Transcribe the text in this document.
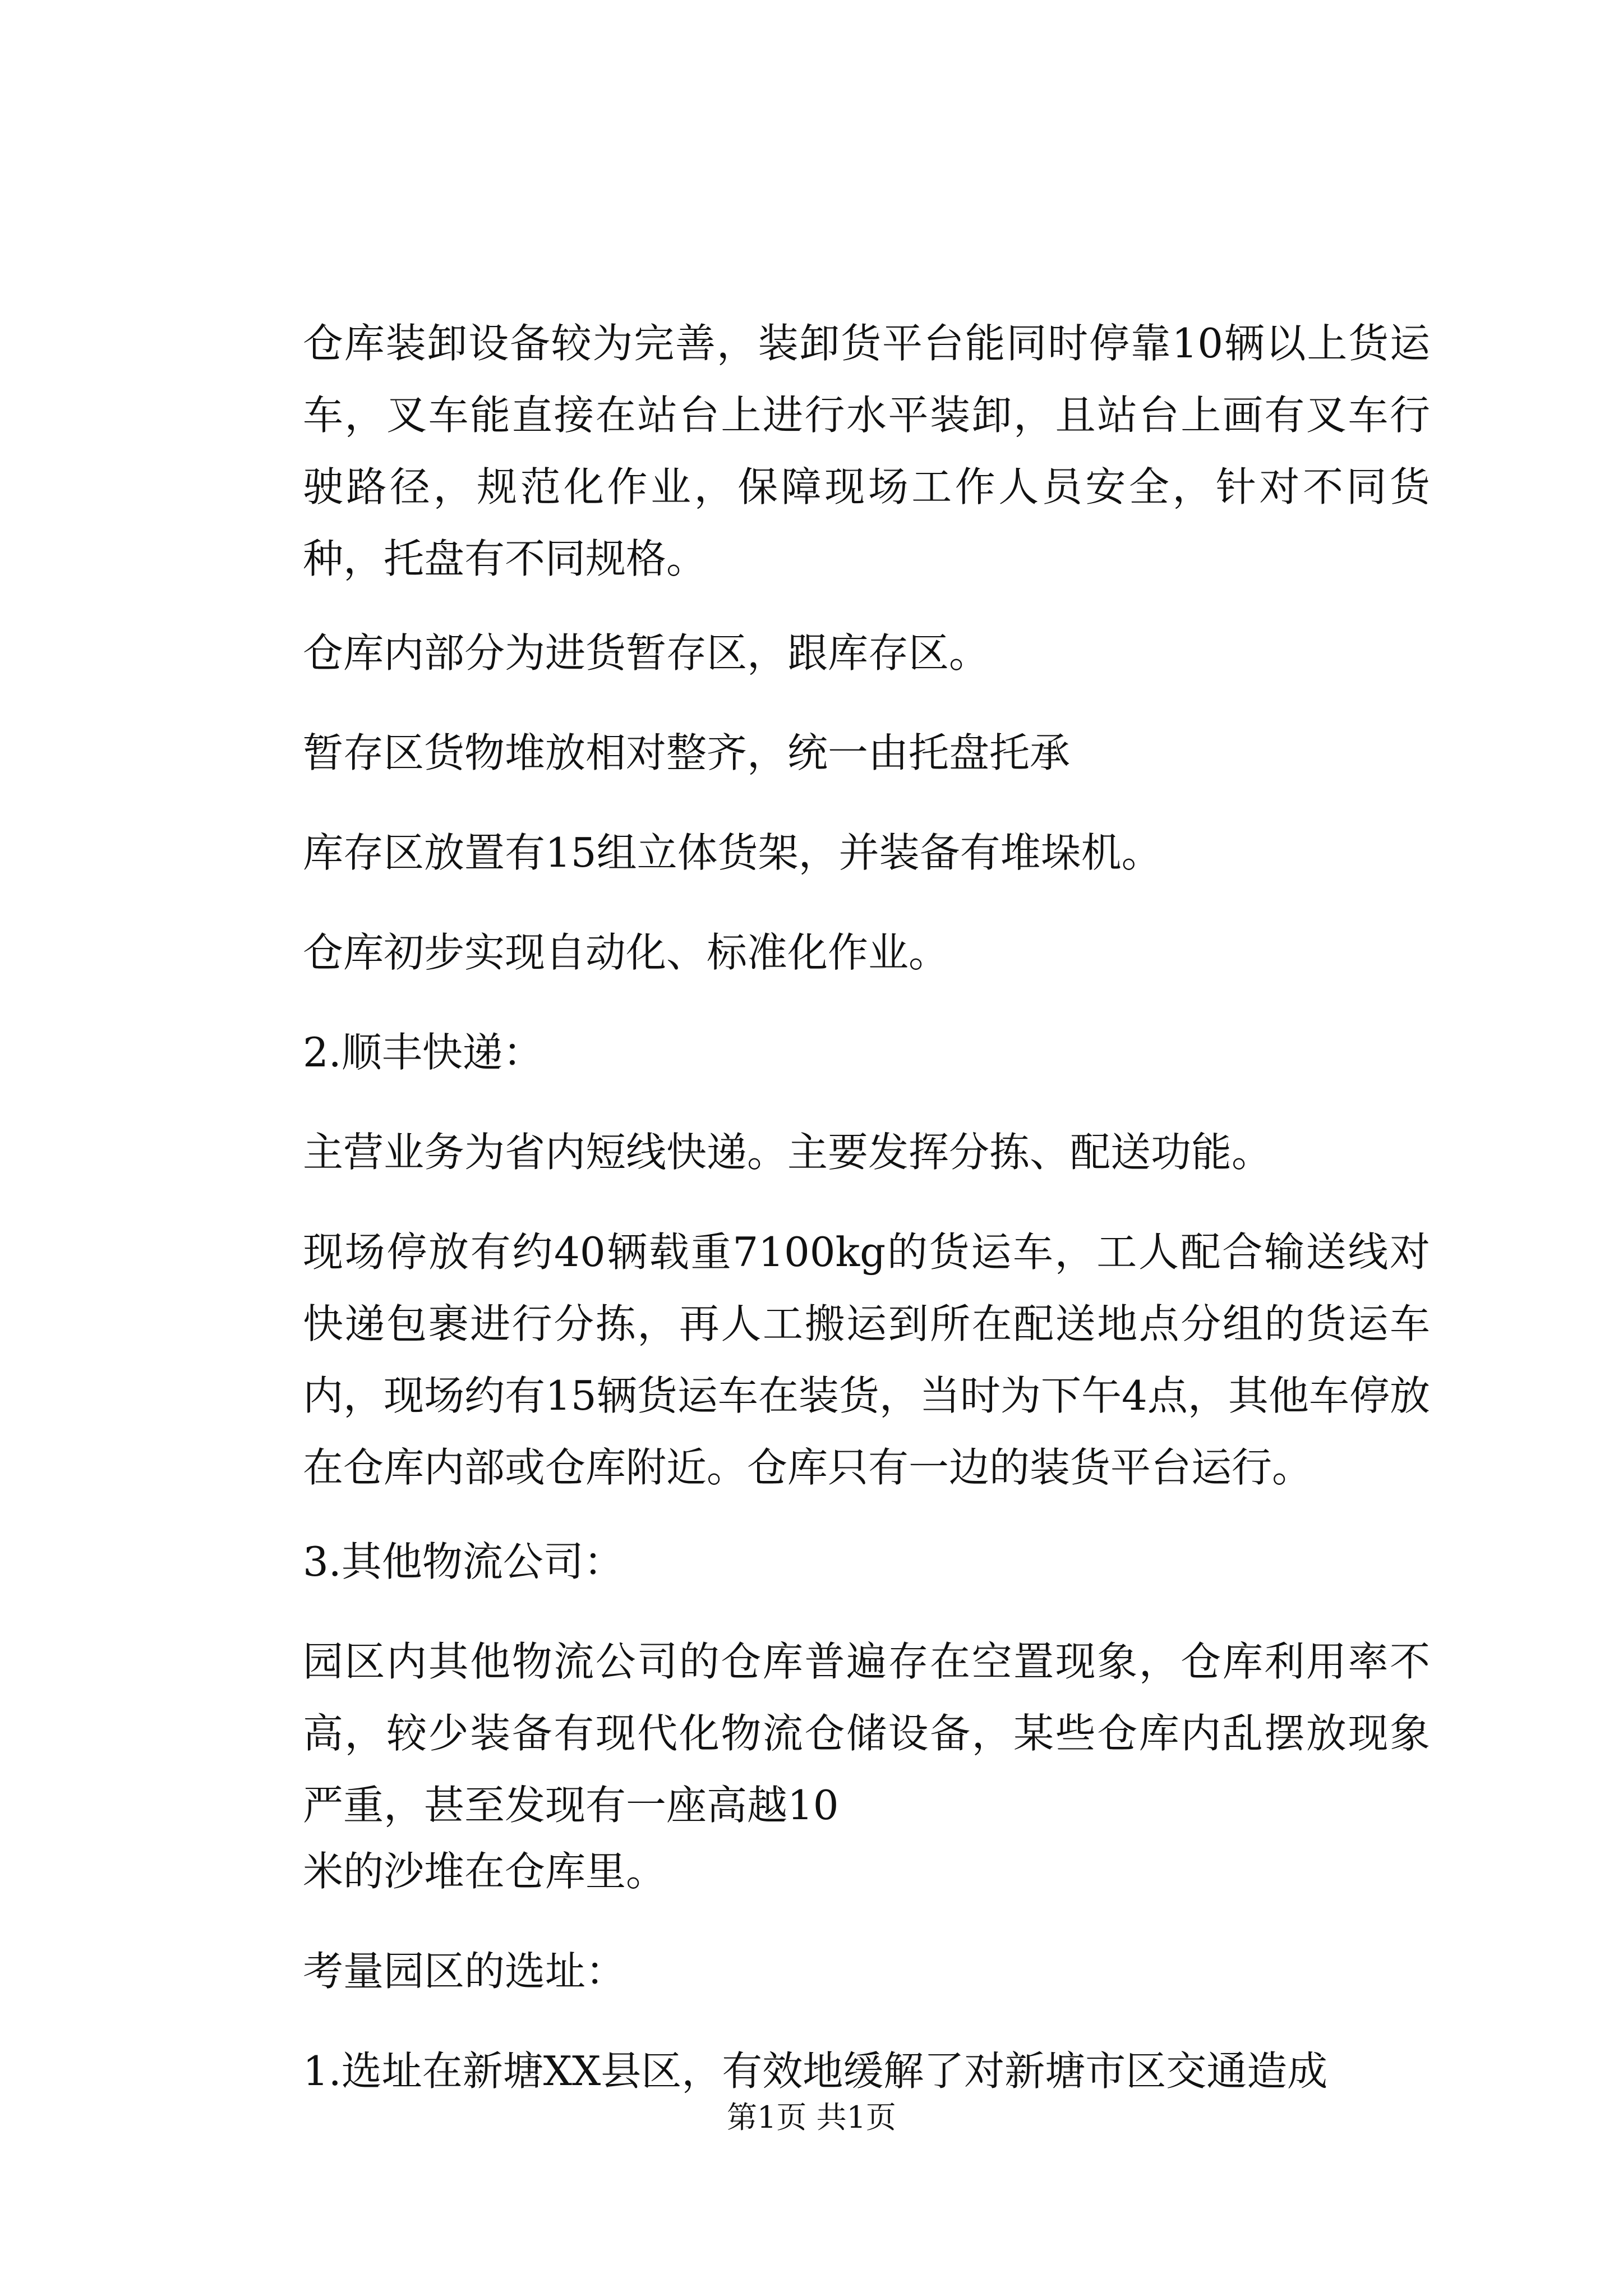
仓库装卸设备较为完善，装卸货平台能同时停靠10辆以上货运车，叉车能直接在站台上进行水平装卸，且站台上画有叉车行驶路径，规范化作业，保障现场工作人员安全，针对不同货种，托盘有不同规格。

仓库内部分为进货暂存区，跟库存区。

暂存区货物堆放相对整齐，统一由托盘托承

库存区放置有15组立体货架，并装备有堆垛机。

仓库初步实现自动化、标准化作业。

2.顺丰快递：

主营业务为省内短线快递。主要发挥分拣、配送功能。

现场停放有约40辆载重7100kg的货运车，工人配合输送线对快递包裹进行分拣，再人工搬运到所在配送地点分组的货运车内，现场约有15辆货运车在装货，当时为下午4点，其他车停放在仓库内部或仓库附近。仓库只有一边的装货平台运行。

3.其他物流公司：

园区内其他物流公司的仓库普遍存在空置现象，仓库利用率不高，较少装备有现代化物流仓储设备，某些仓库内乱摆放现象严重，甚至发现有一座高越10

米的沙堆在仓库里。

考量园区的选址：

1.选址在新塘XX县区，有效地缓解了对新塘市区交通造成

第1页 共1页
